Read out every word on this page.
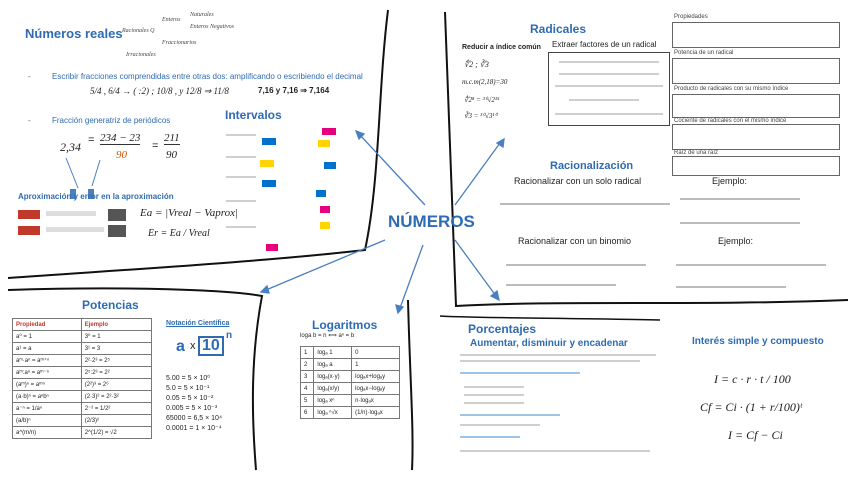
NÚMEROS
Números reales Racionales Q
Enteros
Naturales
Enteros Negativos
Fraccionarios
Irracionales
-	Escribir fracciones comprendidas entre otras dos: amplificando o escribiendo el decimal
5/4 , 6/4 → ( :2) ; 10/8 , y 12/8 ⇒ 11/8	7,16 y 7,16 ⇒ 7,164
-	Fracción generatriz de periódicos
2,34 = 234 − 23
90
=
211
90
Aproximación y error en la aproximación
Ea = |Vreal − Vaprox|
Er = Ea / Vreal
Intervalos
Radicales
Reducir a índice común
∜2 ; ∛3
m.c.m(2,18)=30
∜2⁸ = ³⁰√2¹⁵
∛3 = ³⁰√3¹⁰
Extraer factores de un radical
Propiedades
Potencia de un radical
Producto de radicales con su mismo índice
Cociente de radicales con el mismo índice
Raíz de una raíz
Racionalización
Racionalizar con un solo radical
Racionalizar con un binomio
Ejemplo:
Ejemplo:
Potencias
Propiedad	Ejemplo
a⁰ = 1	3⁰ = 1
a¹ = a	3¹ = 3
aᵐ·aⁿ = aᵐ⁺ⁿ	2²·2³ = 2⁵
aᵐ:aⁿ = aᵐ⁻ⁿ	2⁵:2³ = 2²
(aᵐ)ⁿ = aᵐⁿ	(2²)³ = 2⁶
(a·b)ⁿ = aⁿbⁿ	(2·3)² = 2²·3²
a⁻ⁿ = 1/aⁿ	2⁻² = 1/2²
(a/b)ⁿ	(2/3)²
a^(m/n)	2^(1/2) = √2
Notación Científica
a x 10
n
5.00 = 5 × 10⁰
5.0 = 5 × 10⁻¹
0.05 = 5 × 10⁻²
0.005 = 5 × 10⁻³
65000 = 6,5 × 10⁴
0.0001 = 1 × 10⁻⁴
Logaritmos
loga b = n ⟺ aⁿ = b
1	logₐ 1	0
2	logₐ a	1
3	logₐ(x·y)	logₐx+logₐy
4	logₐ(x/y)	logₐx−logₐy
5	logₐ xⁿ	n·logₐx
6	logₐ ⁿ√x	(1/n)·logₐx
Porcentajes
Aumentar, disminuir y encadenar	Interés simple y compuesto
I = c · r · t / 100
Cf = Ci · (1 + r/100)ᵗ
I = Cf − Ci
